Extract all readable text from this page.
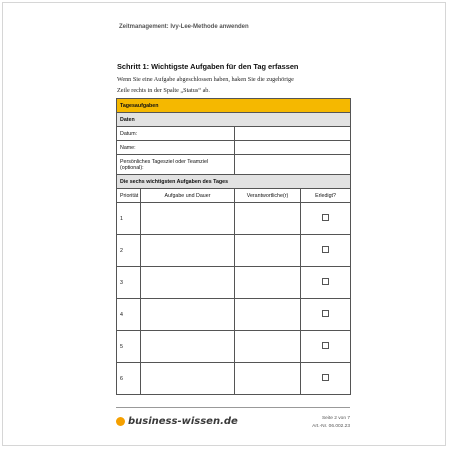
Zeitmanagement: Ivy-Lee-Methode anwenden
Schritt 1: Wichtigste Aufgaben für den Tag erfassen
Wenn Sie eine Aufgabe abgeschlossen haben, haken Sie die zugehörige
Zeile rechts in der Spalte „Status“ ab.
Tagesaufgaben			
Daten			
Datum:			
Name:			
Persönliches Tagesziel oder Teamziel (optional):			
Die sechs wichtigsten Aufgaben des Tages			
Priorität	Aufgabe und Dauer	Verantwortliche(r)	Erledigt?
1			
2			
3			
4			
5			
6			
business-wissen.de	Seite 2 von 7
Art.-Nr. 06.002.23
